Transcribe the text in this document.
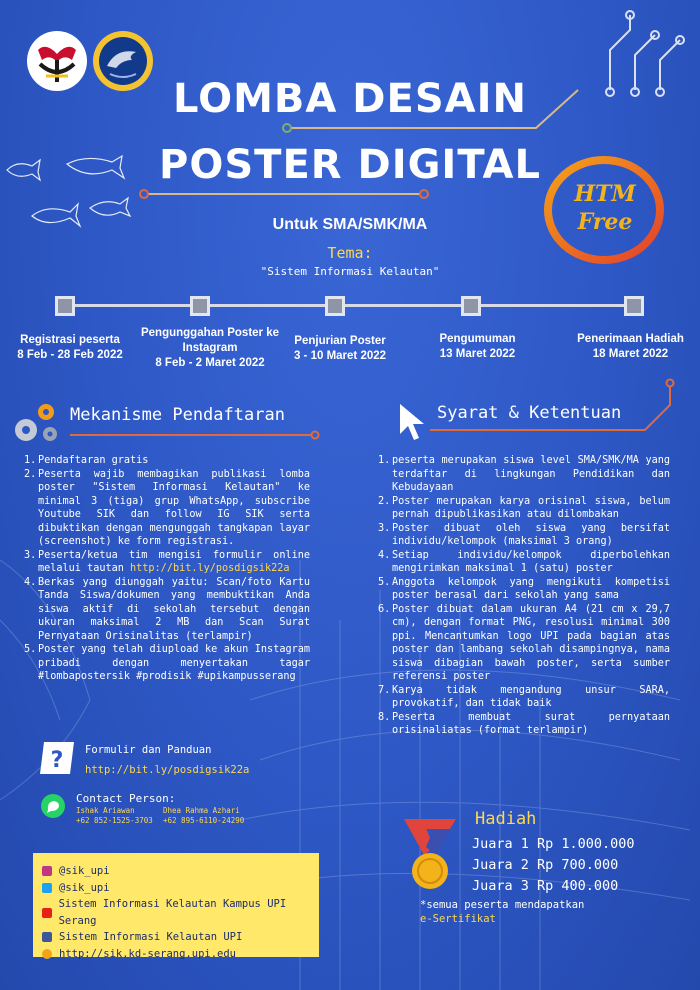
LOMBA DESAIN
POSTER DIGITAL
Untuk SMA/SMK/MA
Tema:
"Sistem Informasi Kelautan"
HTM
Free
Registrasi peserta
8 Feb - 28 Feb 2022
Pengunggahan Poster ke Instagram
8 Feb - 2 Maret 2022
Penjurian Poster
3 - 10 Maret 2022
Pengumuman
13 Maret 2022
Penerimaan Hadiah
18 Maret 2022
Mekanisme Pendaftaran
1. Pendaftaran gratis
2. Peserta wajib membagikan publikasi lomba poster "Sistem Informasi Kelautan" ke minimal 3 (tiga) grup WhatsApp, subscribe Youtube SIK dan follow IG SIK serta dibuktikan dengan mengunggah tangkapan layar (screenshot) ke form registrasi.
3. Peserta/ketua tim mengisi formulir online melalui tautan http://bit.ly/posdigsik22a
4. Berkas yang diunggah yaitu: Scan/foto Kartu Tanda Siswa/dokumen yang membuktikan Anda siswa aktif di sekolah tersebut dengan ukuran maksimal 2 MB dan Scan Surat Pernyataan Orisinalitas (terlampir)
5. Poster yang telah diupload ke akun Instagram pribadi dengan menyertakan tagar #lombapostersik #prodisik #upikampusserang
Syarat & Ketentuan
1. peserta merupakan siswa level SMA/SMK/MA yang terdaftar di lingkungan Pendidikan dan Kebudayaan
2. Poster merupakan karya orisinal siswa, belum pernah dipublikasikan atau dilombakan
3. Poster dibuat oleh siswa yang bersifat individu/kelompok (maksimal 3 orang)
4. Setiap individu/kelompok diperbolehkan mengirimkan maksimal 1 (satu) poster
5. Anggota kelompok yang mengikuti kompetisi poster berasal dari sekolah yang sama
6. Poster dibuat dalam ukuran A4 (21 cm x 29,7 cm), dengan format PNG, resolusi minimal 300 ppi. Mencantumkan logo UPI pada bagian atas poster dan lambang sekolah disampingnya, nama siswa dibagian bawah poster, serta sumber referensi poster
7. Karya tidak mengandung unsur SARA, provokatif, dan tidak baik
8. Peserta membuat surat pernyataan orisinaliatas (format terlampir)
? Formulir dan Panduan
http://bit.ly/posdigsik22a
Contact Person:
Ishak Ariawan
+62 852-1525-3703
Dhea Rahma Azhari
+62 895-6110-24290
@sik_upi
@sik_upi
Sistem Informasi Kelautan Kampus UPI Serang
Sistem Informasi Kelautan UPI
http://sik.kd-serang.upi.edu
Hadiah
Juara 1 Rp 1.000.000
Juara 2 Rp 700.000
Juara 3 Rp 400.000
*semua peserta mendapatkan
e-Sertifikat
